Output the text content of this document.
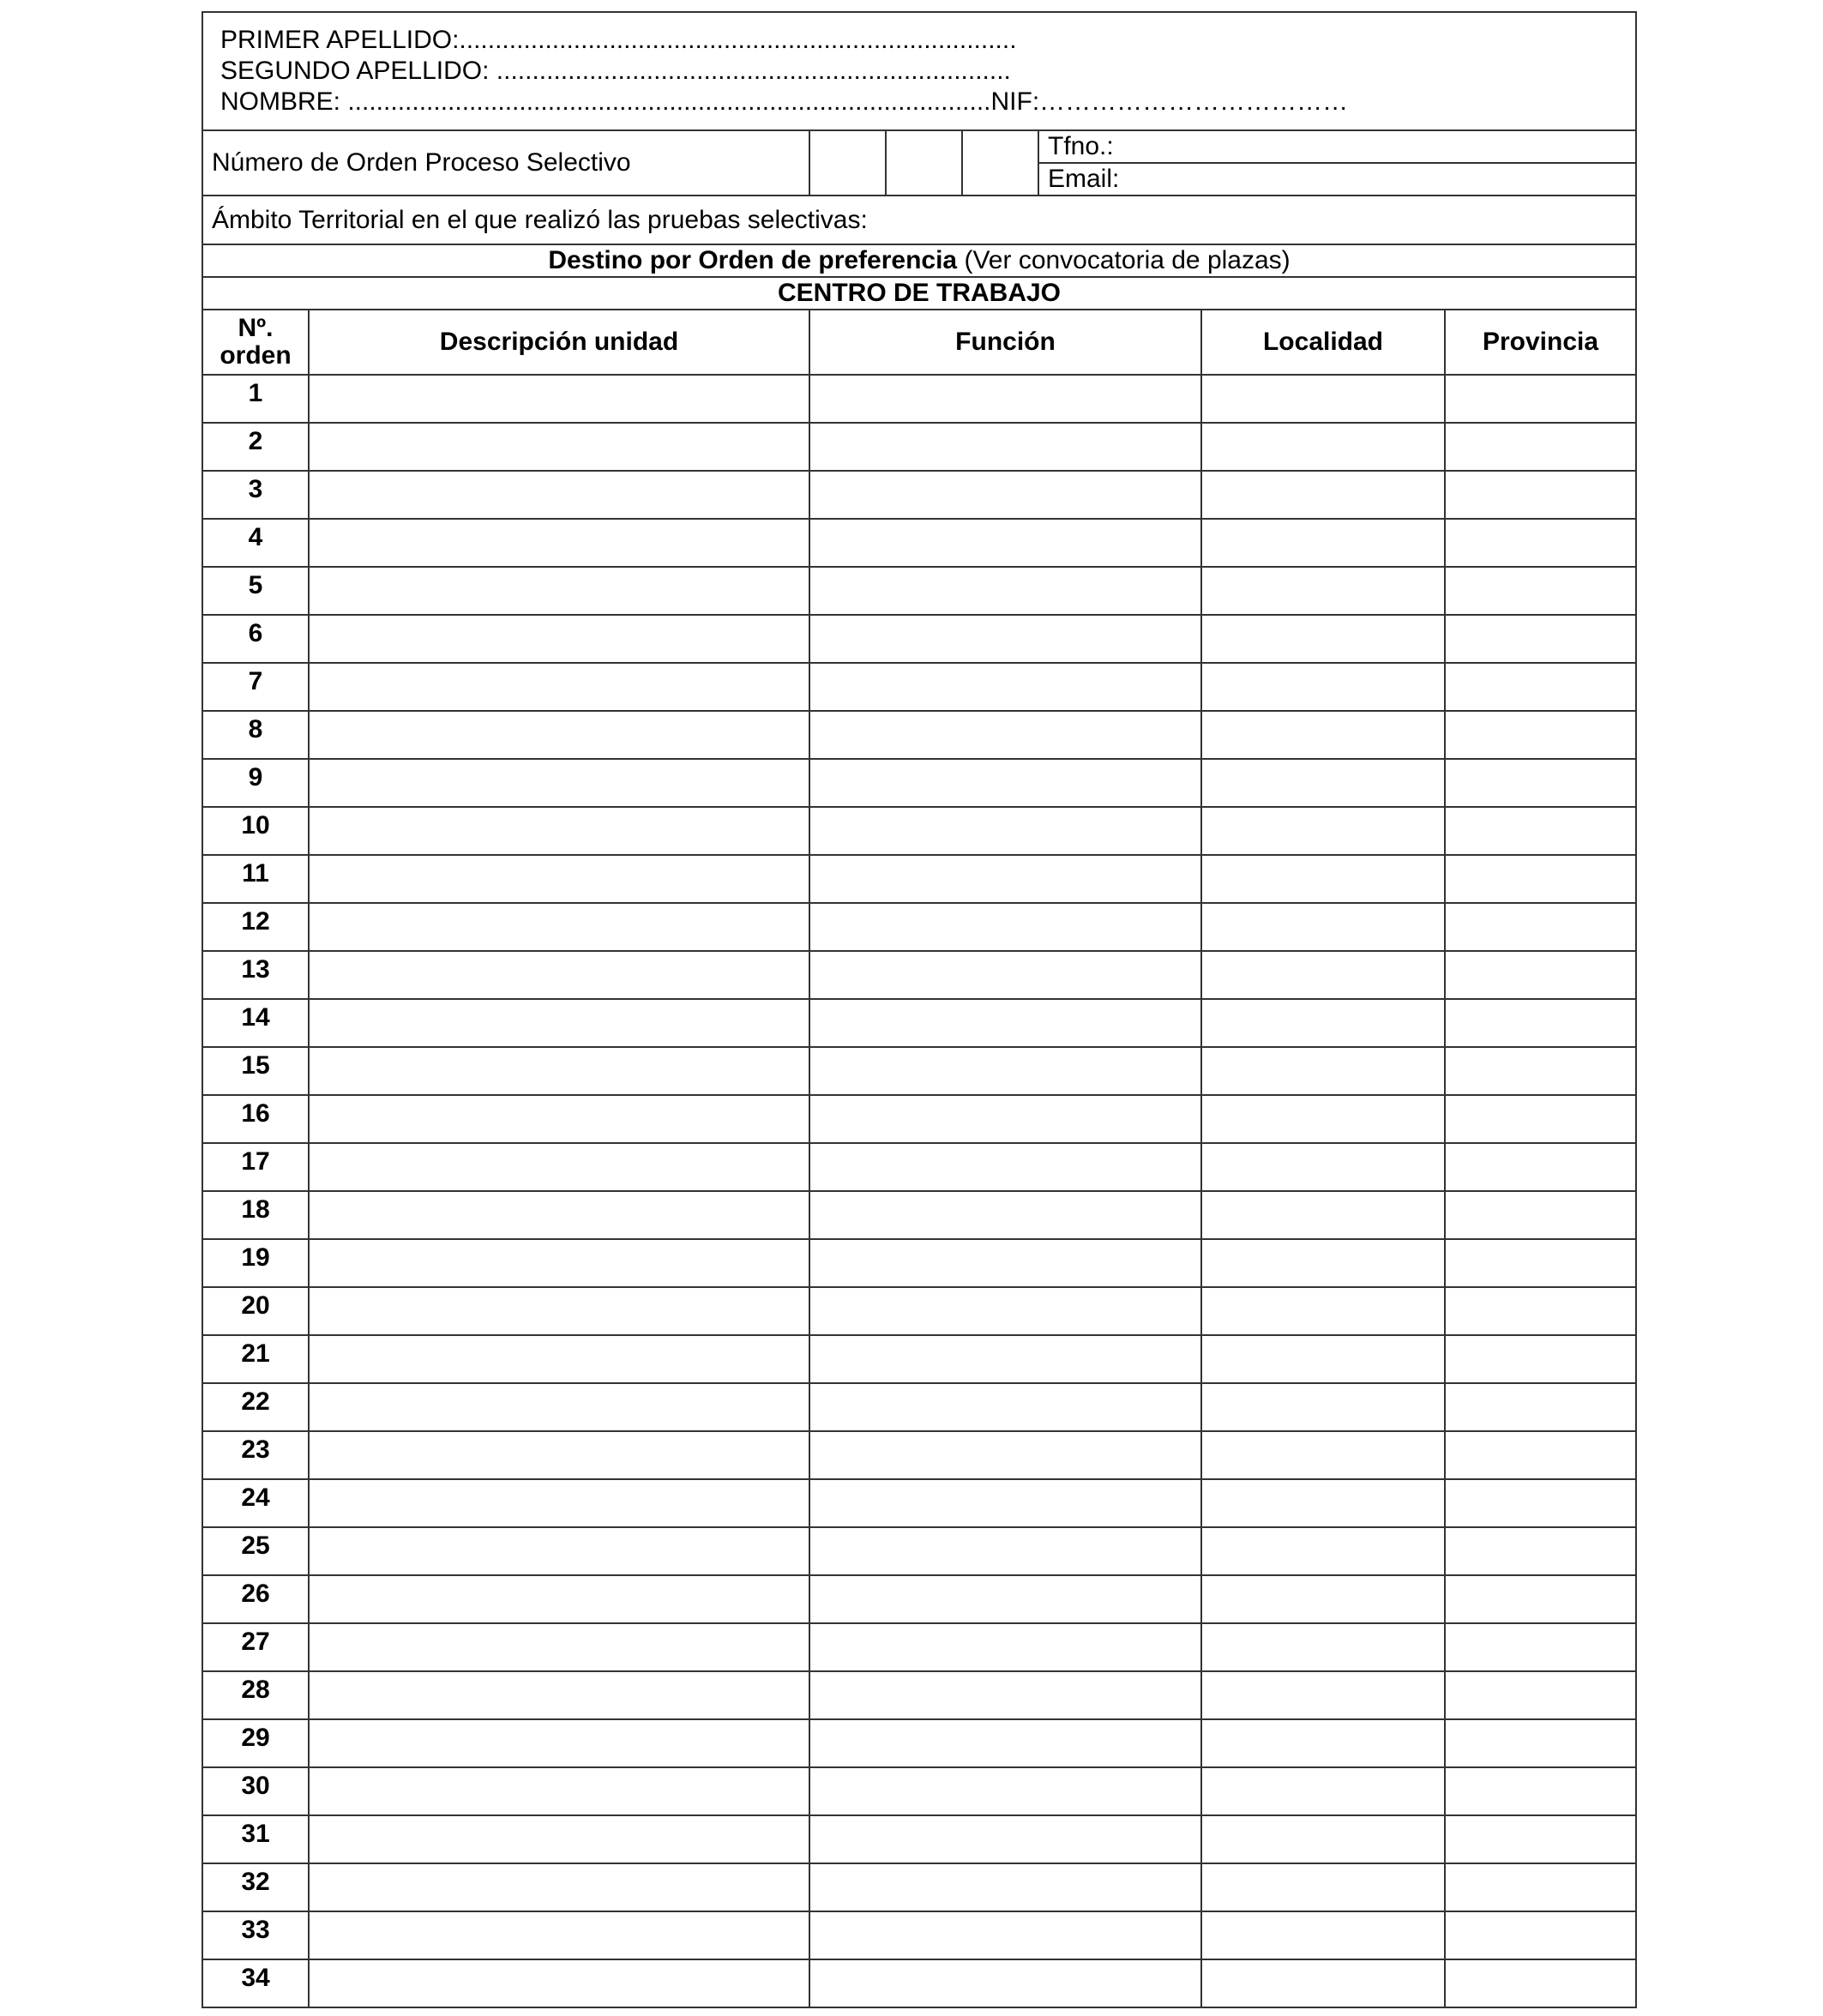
PRIMER APELLIDO:..............................................................................
SEGUNDO APELLIDO: ........................................................................
NOMBRE: ..........................................................................................NIF:………………………………							

Número de Orden Proceso Selectivo					Tfno.:		
					Email:		
Ámbito Territorial en el que realizó las pruebas selectivas:							
Destino por Orden de preferencia (Ver convocatoria de plazas)							
CENTRO DE TRABAJO							

Nº.
orden	Descripción unidad	Función				Localidad	Provincia
1							
2							
3							
4							
5							
6							
7							
8							
9							
10							
11							
12							
13							
14							
15							
16							
17							
18							
19							
20							
21							
22							
23							
24							
25							
26							
27							
28							
29							
30							
31							
32							
33							
34							
